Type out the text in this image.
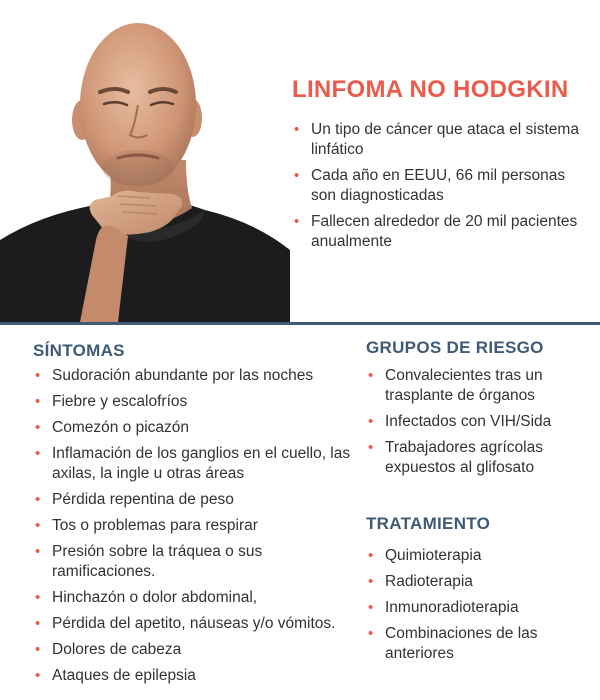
LINFOMA NO HODGKIN
• Un tipo de cáncer que ataca el sistema linfático
• Cada año en EEUU, 66 mil personas son diagnosticadas
• Fallecen alrededor de 20 mil pacientes anualmente
SÍNTOMAS
• Sudoración abundante por las noches
• Fiebre y escalofríos
• Comezón o picazón
• Inflamación de los ganglios en el cuello, las axilas, la ingle u otras áreas
• Pérdida repentina de peso
• Tos o problemas para respirar
• Presión sobre la tráquea o sus ramificaciones.
• Hinchazón o dolor abdominal,
• Pérdida del apetito, náuseas y/o vómitos.
• Dolores de cabeza
• Ataques de epilepsia
GRUPOS DE RIESGO
• Convalecientes tras un trasplante de órganos
• Infectados con VIH/Sida
• Trabajadores agrícolas expuestos al glifosato
TRATAMIENTO
• Quimioterapia
• Radioterapia
• Inmunoradioterapia
• Combinaciones de las anteriores
